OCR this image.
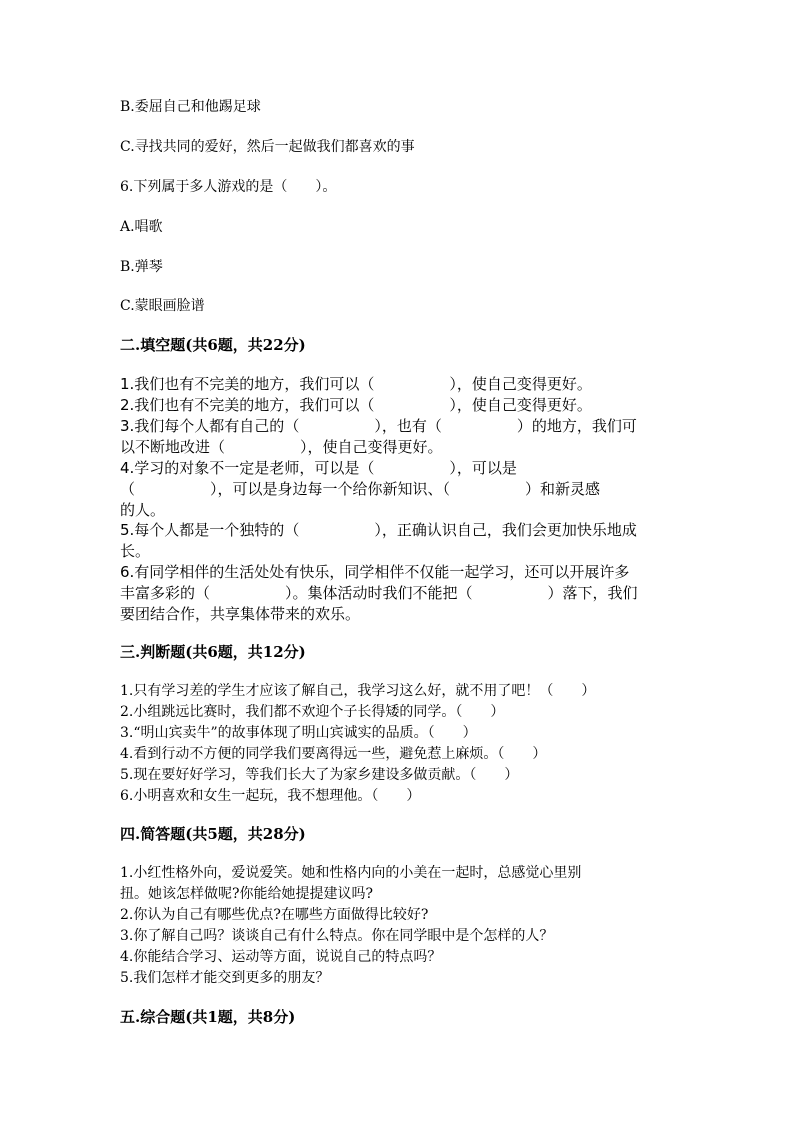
B.委屈自己和他踢足球
C.寻找共同的爱好，然后一起做我们都喜欢的事
6.下列属于多人游戏的是（　　）。
A.唱歌
B.弹琴
C.蒙眼画脸谱
二.填空题(共6题，共22分)
1.我们也有不完美的地方，我们可以（　　　　　），使自己变得更好。
2.我们也有不完美的地方，我们可以（　　　　　），使自己变得更好。
3.我们每个人都有自己的（　　　　　），也有（　　　　　）的地方，我们可
以不断地改进（　　　　　），使自己变得更好。
4.学习的对象不一定是老师，可以是（　　　　　），可以是
（　　　　　），可以是身边每一个给你新知识、（　　　　　）和新灵感
的人。
5.每个人都是一个独特的（　　　　　），正确认识自己，我们会更加快乐地成
长。
6.有同学相伴的生活处处有快乐，同学相伴不仅能一起学习，还可以开展许多
丰富多彩的（　　　　　）。集体活动时我们不能把（　　　　　）落下，我们
要团结合作，共享集体带来的欢乐。
三.判断题(共6题，共12分)
1.只有学习差的学生才应该了解自己，我学习这么好，就不用了吧！（　　）
2.小组跳远比赛时，我们都不欢迎个子长得矮的同学。（　　）
3.“明山宾卖牛”的故事体现了明山宾诚实的品质。（　　）
4.看到行动不方便的同学我们要离得远一些，避免惹上麻烦。（　　）
5.现在要好好学习，等我们长大了为家乡建设多做贡献。（　　）
6.小明喜欢和女生一起玩，我不想理他。（　　）
四.简答题(共5题，共28分)
1.小红性格外向，爱说爱笑。她和性格内向的小美在一起时，总感觉心里别
扭。她该怎样做呢?你能给她提提建议吗?
2.你认为自己有哪些优点?在哪些方面做得比较好?
3.你了解自己吗？谈谈自己有什么特点。你在同学眼中是个怎样的人？
4.你能结合学习、运动等方面，说说自己的特点吗？
5.我们怎样才能交到更多的朋友？
五.综合题(共1题，共8分)
